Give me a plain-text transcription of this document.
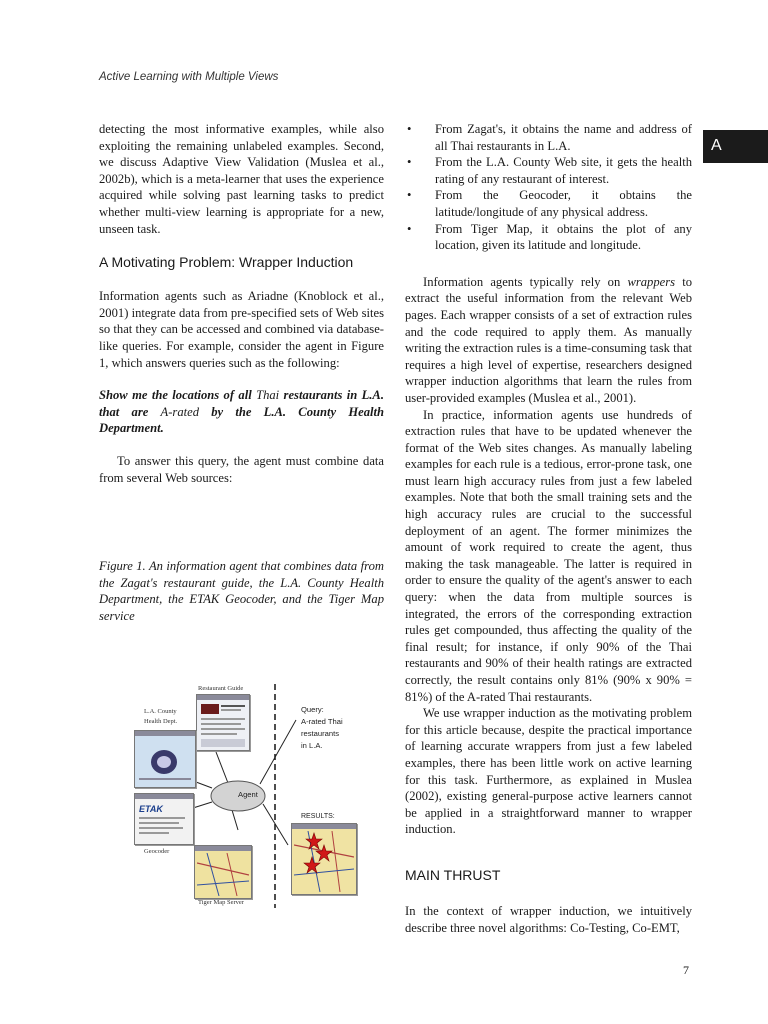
Active Learning with Multiple Views
A

detecting the most informative examples, while also exploiting the remaining unlabeled examples. Second, we discuss Adaptive View Validation (Muslea et al., 2002b), which is a meta-learner that uses the experience acquired while solving past learning tasks to predict whether multi-view learning is appropriate for a new, unseen task.

A Motivating Problem: Wrapper Induction

Information agents such as Ariadne (Knoblock et al., 2001) integrate data from pre-specified sets of Web sites so that they can be accessed and combined via database-like queries. For example, consider the agent in Figure 1, which answers queries such as the following:

Show me the locations of all Thai restaurants in L.A. that are A-rated by the L.A. County Health Department.

To answer this query, the agent must combine data from several Web sources:

Figure 1. An information agent that combines data from the Zagat's restaurant guide, the L.A. County Health Department, the ETAK Geocoder, and the Tiger Map service

Restaurant Guide
L.A. County
Health Dept.
ETAK
Geocoder
Agent
Tiger Map Server
Query:
A-rated Thai
restaurants
in L.A.
RESULTS:
• From Zagat's, it obtains the name and address of all Thai restaurants in L.A.
• From the L.A. County Web site, it gets the health rating of any restaurant of interest.
• From the Geocoder, it obtains the latitude/longitude of any physical address.
• From Tiger Map, it obtains the plot of any location, given its latitude and longitude.

Information agents typically rely on wrappers to extract the useful information from the relevant Web pages. Each wrapper consists of a set of extraction rules and the code required to apply them. As manually writing the extraction rules is a time-consuming task that requires a high level of expertise, researchers designed wrapper induction algorithms that learn the rules from user-provided examples (Muslea et al., 2001).

In practice, information agents use hundreds of extraction rules that have to be updated whenever the format of the Web sites changes. As manually labeling examples for each rule is a tedious, error-prone task, one must learn high accuracy rules from just a few labeled examples. Note that both the small training sets and the high accuracy rules are crucial to the successful deployment of an agent. The former minimizes the amount of work required to create the agent, thus making the task manageable. The latter is required in order to ensure the quality of the agent's answer to each query: when the data from multiple sources is integrated, the errors of the corresponding extraction rules get compounded, thus affecting the quality of the final result; for instance, if only 90% of the Thai restaurants and 90% of their health ratings are extracted correctly, the result contains only 81% (90% x 90% = 81%) of the A-rated Thai restaurants.

We use wrapper induction as the motivating problem for this article because, despite the practical importance of learning accurate wrappers from just a few labeled examples, there has been little work on active learning for this task. Furthermore, as explained in Muslea (2002), existing general-purpose active learners cannot be applied in a straightforward manner to wrapper induction.

MAIN THRUST

In the context of wrapper induction, we intuitively describe three novel algorithms: Co-Testing, Co-EMT,

7
